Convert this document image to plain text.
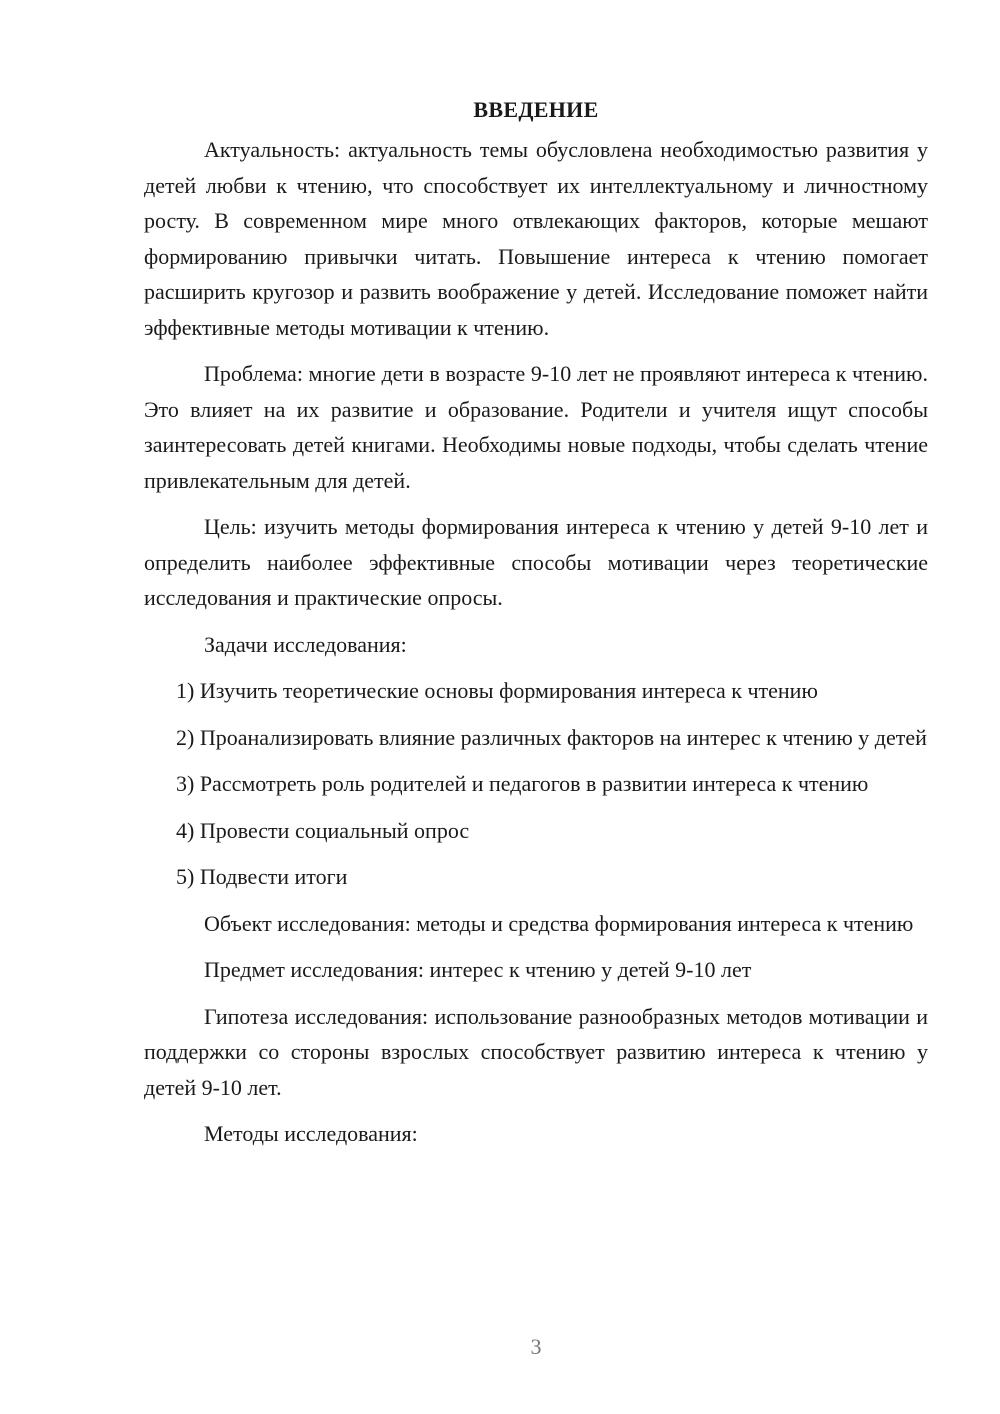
ВВЕДЕНИЕ

Актуальность: актуальность темы обусловлена необходимостью развития у детей любви к чтению, что способствует их интеллектуальному и личностному росту. В современном мире много отвлекающих факторов, которые мешают формированию привычки читать. Повышение интереса к чтению помогает расширить кругозор и развить воображение у детей. Исследование поможет найти эффективные методы мотивации к чтению.

Проблема: многие дети в возрасте 9-10 лет не проявляют интереса к чтению. Это влияет на их развитие и образование. Родители и учителя ищут способы заинтересовать детей книгами. Необходимы новые подходы, чтобы сделать чтение привлекательным для детей.

Цель: изучить методы формирования интереса к чтению у детей 9-10 лет и определить наиболее эффективные способы мотивации через теоретические исследования и практические опросы.

Задачи исследования:

1) Изучить теоретические основы формирования интереса к чтению

2) Проанализировать влияние различных факторов на интерес к чтению у детей

3) Рассмотреть роль родителей и педагогов в развитии интереса к чтению

4) Провести социальный опрос

5) Подвести итоги

Объект исследования: методы и средства формирования интереса к чтению

Предмет исследования: интерес к чтению у детей 9-10 лет

Гипотеза исследования: использование разнообразных методов мотивации и поддержки со стороны взрослых способствует развитию интереса к чтению у детей 9-10 лет.

Методы исследования:

3
